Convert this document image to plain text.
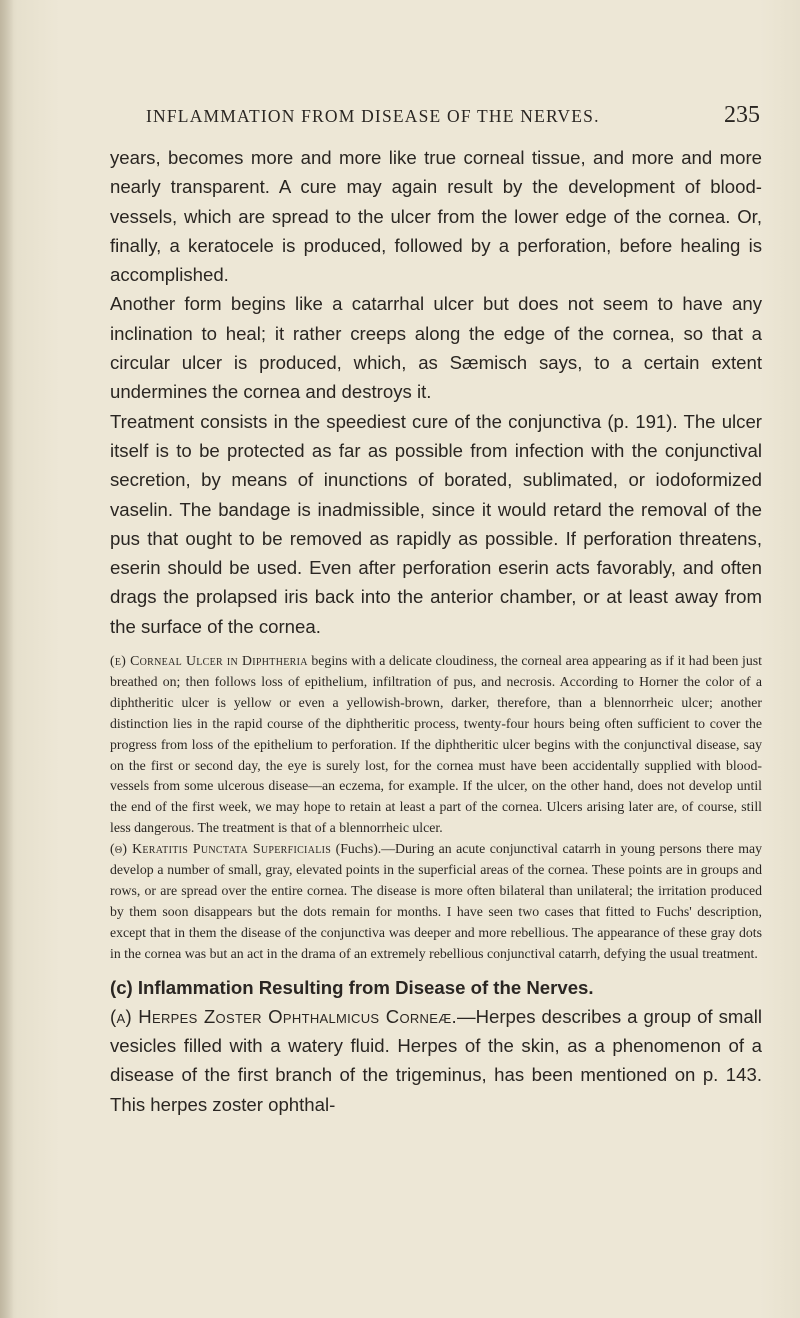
INFLAMMATION FROM DISEASE OF THE NERVES.	235

years, becomes more and more like true corneal tissue, and more and more nearly transparent. A cure may again result by the development of blood-vessels, which are spread to the ulcer from the lower edge of the cornea. Or, finally, a keratocele is produced, followed by a perforation, before healing is accomplished.

Another form begins like a catarrhal ulcer but does not seem to have any inclination to heal; it rather creeps along the edge of the cornea, so that a circular ulcer is produced, which, as Sæmisch says, to a certain extent undermines the cornea and destroys it.

Treatment consists in the speediest cure of the conjunctiva (p. 191). The ulcer itself is to be protected as far as possible from infection with the conjunctival secretion, by means of inunctions of borated, sublimated, or iodoformized vaselin. The bandage is inadmissible, since it would retard the removal of the pus that ought to be removed as rapidly as possible. If perforation threatens, eserin should be used. Even after perforation eserin acts favorably, and often drags the prolapsed iris back into the anterior chamber, or at least away from the surface of the cornea.

(ε) Corneal Ulcer in Diphtheria begins with a delicate cloudiness, the corneal area appearing as if it had been just breathed on; then follows loss of epithelium, infiltration of pus, and necrosis. According to Horner the color of a diphtheritic ulcer is yellow or even a yellowish-brown, darker, therefore, than a blennorrheic ulcer; another distinction lies in the rapid course of the diphtheritic process, twenty-four hours being often sufficient to cover the progress from loss of the epithelium to perforation. If the diphtheritic ulcer begins with the conjunctival disease, say on the first or second day, the eye is surely lost, for the cornea must have been accidentally supplied with blood-vessels from some ulcerous disease—an eczema, for example. If the ulcer, on the other hand, does not develop until the end of the first week, we may hope to retain at least a part of the cornea. Ulcers arising later are, of course, still less dangerous. The treatment is that of a blennorrheic ulcer.

(ϑ) Keratitis Punctata Superficialis (Fuchs).—During an acute conjunctival catarrh in young persons there may develop a number of small, gray, elevated points in the superficial areas of the cornea. These points are in groups and rows, or are spread over the entire cornea. The disease is more often bilateral than unilateral; the irritation produced by them soon disappears but the dots remain for months. I have seen two cases that fitted to Fuchs' description, except that in them the disease of the conjunctiva was deeper and more rebellious. The appearance of these gray dots in the cornea was but an act in the drama of an extremely rebellious conjunctival catarrh, defying the usual treatment.

(c) Inflammation Resulting from Disease of the Nerves.

(a) Herpes Zoster Ophthalmicus Corneæ.—Herpes describes a group of small vesicles filled with a watery fluid. Herpes of the skin, as a phenomenon of a disease of the first branch of the trigeminus, has been mentioned on p. 143. This herpes zoster ophthal-
